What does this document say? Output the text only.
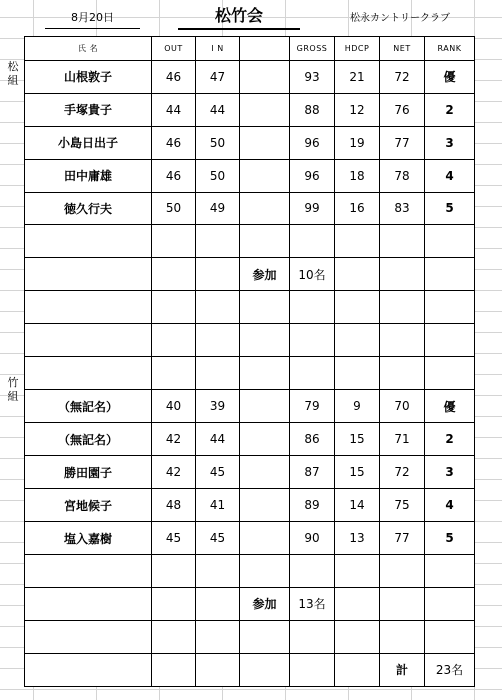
8月20日	松竹会	松永カントリークラブ
松
組
竹
組
氏 名	OUT	I N		GROSS	HDCP	NET	RANK
山根敦子	46	47		93	21	72	優
手塚貴子	44	44		88	12	76	2
小島日出子	46	50		96	19	77	3
田中庸雄	46	50		96	18	78	4
徳久行夫	50	49		99	16	83	5

			参加	10名			

（無記名）	40	39		79	9	70	優
（無記名）	42	44		86	15	71	2
勝田園子	42	45		87	15	72	3
宮地候子	48	41		89	14	75	4
塩入嘉樹	45	45		90	13	77	5

			参加	13名			

						計	23名
